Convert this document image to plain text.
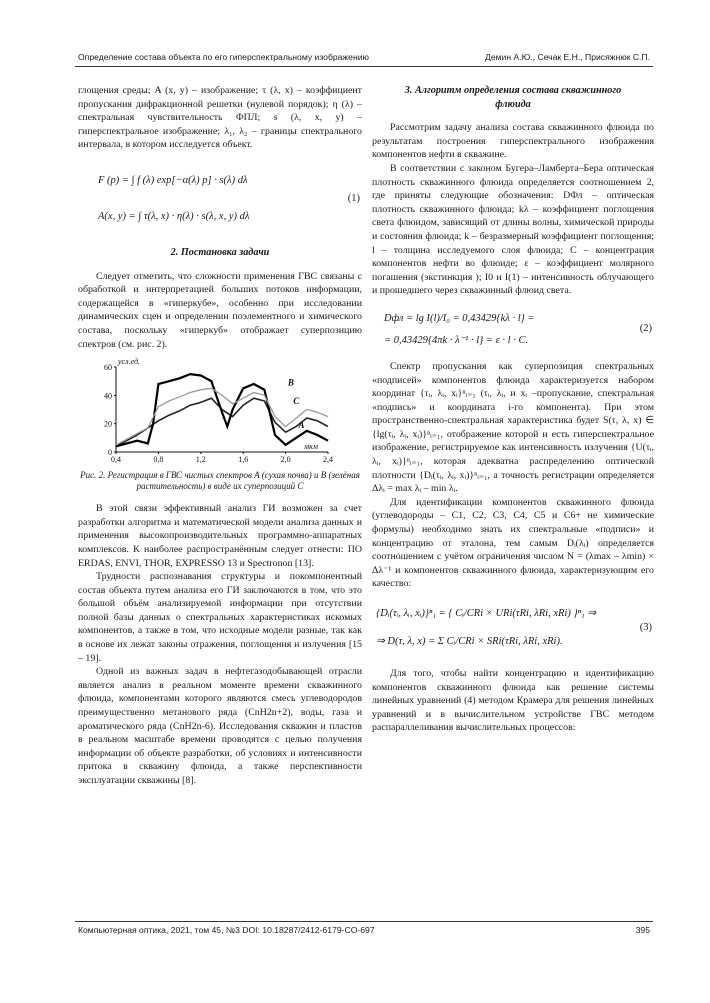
Определение состава объекта по его гиперспектральному изображению	Демин А.Ю., Сечак Е.Н., Присяжнюк С.П.

глощения среды; A (x, y) – изображение; τ (λ, x) – коэффициент пропускания дифракционной решетки (нулевой порядок); η (λ) – спектральная чувствительность ФПЛ; s (λ, x, y) – гиперспектральное изображение; λ₁, λ₂ – границы спектрального интервала, в котором исследуется объект.

F (p) = ∫ f (λ) exp[−α(λ) p] · s(λ) dλ
A(x, y) = ∫ τ(λ, x) · η(λ) · s(λ, x, y) dλ
(1)

2. Постановка задачи

Следует отметить, что сложности применения ГВС связаны с обработкой и интерпретацией больших потоков информации, содержащейся в «гиперкубе», особенно при исследовании динамических сцен и определении поэлементного и химического состава, поскольку «гиперкуб» отображает суперпозицию спектров (см. рис. 2).

0,4	0,8	1,2	1,6	2,0	2,4
0
20
40
60
усл.ед.
мкм
A
B
C

Рис. 2. Регистрация в ГВС чистых спектров A (сухая почва) и B (зелёная растительность) в виде их суперпозиций C

В этой связи эффективный анализ ГИ возможен за счет разработки алгоритма и математической модели анализа данных и применения высокопроизводительных программно-аппаратных комплексов. К наиболее распространённым следует отнести: ПО ERDAS, ENVI, THOR, EXPRESSO 13 и Spectronon [13].

Трудности распознавания структуры и покомпонентный состав объекта путем анализа его ГИ заключаются в том, что это большой объём анализируемой информации при отсутствии полной базы данных о спектральных характеристиках искомых компонентов, а также в том, что исходные модели разные, так как в основе их лежат законы отражения, поглощения и излучения [15 – 19].

Одной из важных задач в нефтегазодобывающей отрасли является анализ в реальном моменте времени скважинного флюида, компонентами которого являются смесь углеводородов преимущественно метанового ряда (CnH2n+2), воды, газа и ароматического ряда (CnH2n-6). Исследования скважин и пластов в реальном масштабе времени проводятся с целью получения информации об объекте разработки, об условиях и интенсивности притока в скважину флюида, а также перспективности эксплуатации скважины [8].

3. Алгоритм определения состава скважинного флюида

Рассмотрим задачу анализа состава скважинного флюида по результатам построения гиперспектрального изображения компонентов нефти в скважине.

В соответствии с законом Бугера–Ламберта–Бера оптическая плотность скважинного флюида определяется соотношением 2, где приняты следующие обозначения: DФл – оптическая плотность скважинного флюида; kλ – коэффициент поглощения света флюидом, зависящий от длины волны, химической природы и состояния флюида; k – безразмерный коэффициент поглощения; l – толщина исследуемого слоя флюида; C – концентрация компонентов нефти во флюиде; ε – коэффициент молярного погашения (экстинкция ); I0 и I(1) – интенсивность облучающего и прошедшего через скважинный флюид света.

Dфл = lg I(l)/I₀ = 0,43429{kλ · l} =
= 0,43429{4πk · λ⁻¹ · l} = ε · l · C.
(2)

Спектр пропускания как суперпозиция спектральных «подписей» компонентов флюида характеризуется набором координат {τᵢ, λᵢ, xᵢ}ⁿᵢ₌₁ (τᵢ, λᵢ, и xᵢ –пропускание, спектральная «подпись» и координата i-го компонента). При этом пространственно-спектральная характеристика будет S(τ, λ, x) ∈ {lg(τᵢ, λᵢ, xᵢ)}ⁿᵢ₌₁, отображение которой и есть гиперспектральное изображение, регистрируемое как интенсивность излучения {U(τᵢ, λᵢ, xᵢ)}ⁿᵢ₌₁, которая адекватна распределению оптической плотности {Dᵢ(τᵢ, λᵢ, xᵢ)}ⁿᵢ₌₁, а точность регистрации определяется Δλᵢ = max λᵢ – min λᵢ.

Для идентификации компонентов скважинного флюида (углеводороды – C1, C2, C3, C4, C5 и C6+ не химические формулы) необходимо знать их спектральные «подписи» и концентрацию от эталона, тем самым Dᵢ(λᵢ) определяется соотношением с учётом ограничения числом N = (λmax – λmin) × Δλ⁻¹ и компонентов скважинного флюида, характеризующим его качество:

{Dᵢ(τᵢ, λᵢ, xᵢ)}ⁿ₁ = { Cᵢ/CRi × URi(τRi, λRi, xRi) }ⁿ₁ ⇒
⇒ D(τ, λ, x) = Σ Cᵢ/CRi × SRi(τRi, λRi, xRi).
(3)

Для того, чтобы найти концентрацию и идентификацию компонентов скважинного флюида как решение системы линейных уравнений (4) методом Крамера для решения линейных уравнений и в вычислительном устройстве ГВС методом распараллеливания вычислительных процессов:

Компьютерная оптика, 2021, том 45, №3 DOI: 10.18287/2412-6179-CO-697	395
